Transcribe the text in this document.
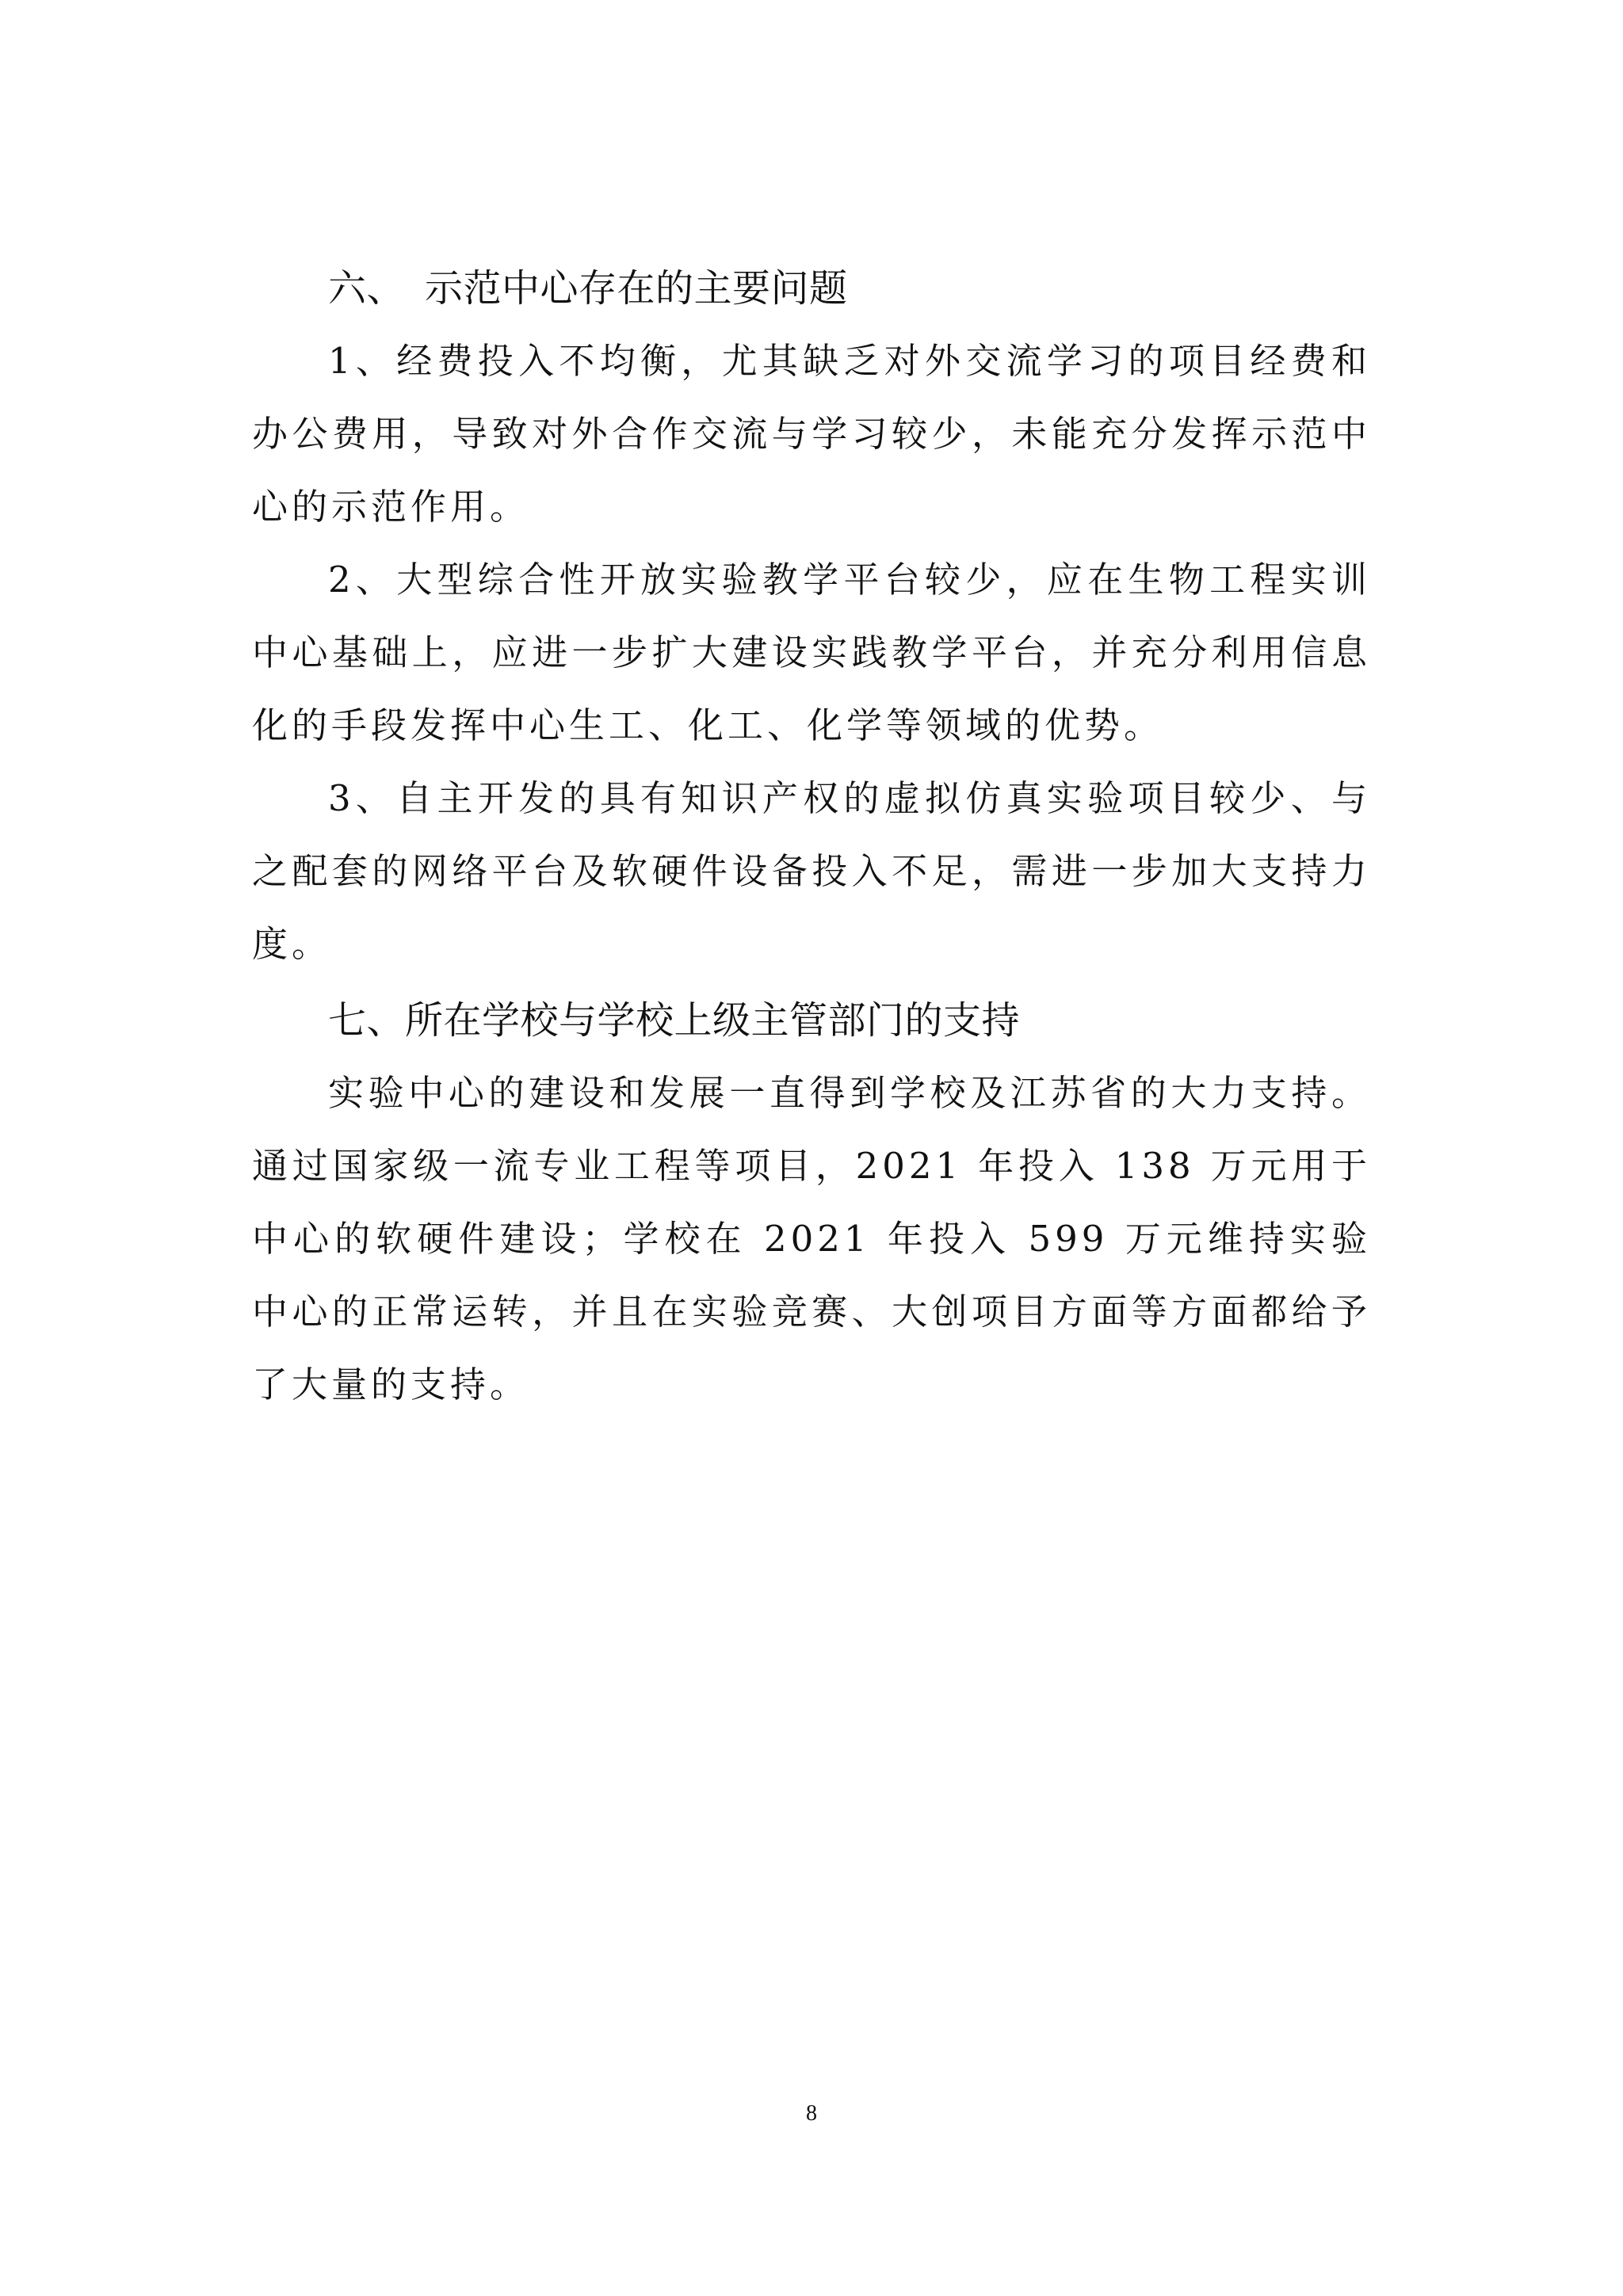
六、 示范中心存在的主要问题

1、经费投入不均衡，尤其缺乏对外交流学习的项目经费和办公费用，导致对外合作交流与学习较少，未能充分发挥示范中心的示范作用。

2、大型综合性开放实验教学平台较少，应在生物工程实训中心基础上，应进一步扩大建设实践教学平台，并充分利用信息化的手段发挥中心生工、化工、化学等领域的优势。

3、自主开发的具有知识产权的虚拟仿真实验项目较少、与之配套的网络平台及软硬件设备投入不足，需进一步加大支持力度。

七、所在学校与学校上级主管部门的支持

实验中心的建设和发展一直得到学校及江苏省的大力支持。通过国家级一流专业工程等项目，2021 年投入 138 万元用于中心的软硬件建设；学校在 2021 年投入 599 万元维持实验中心的正常运转，并且在实验竞赛、大创项目方面等方面都给予了大量的支持。

8
